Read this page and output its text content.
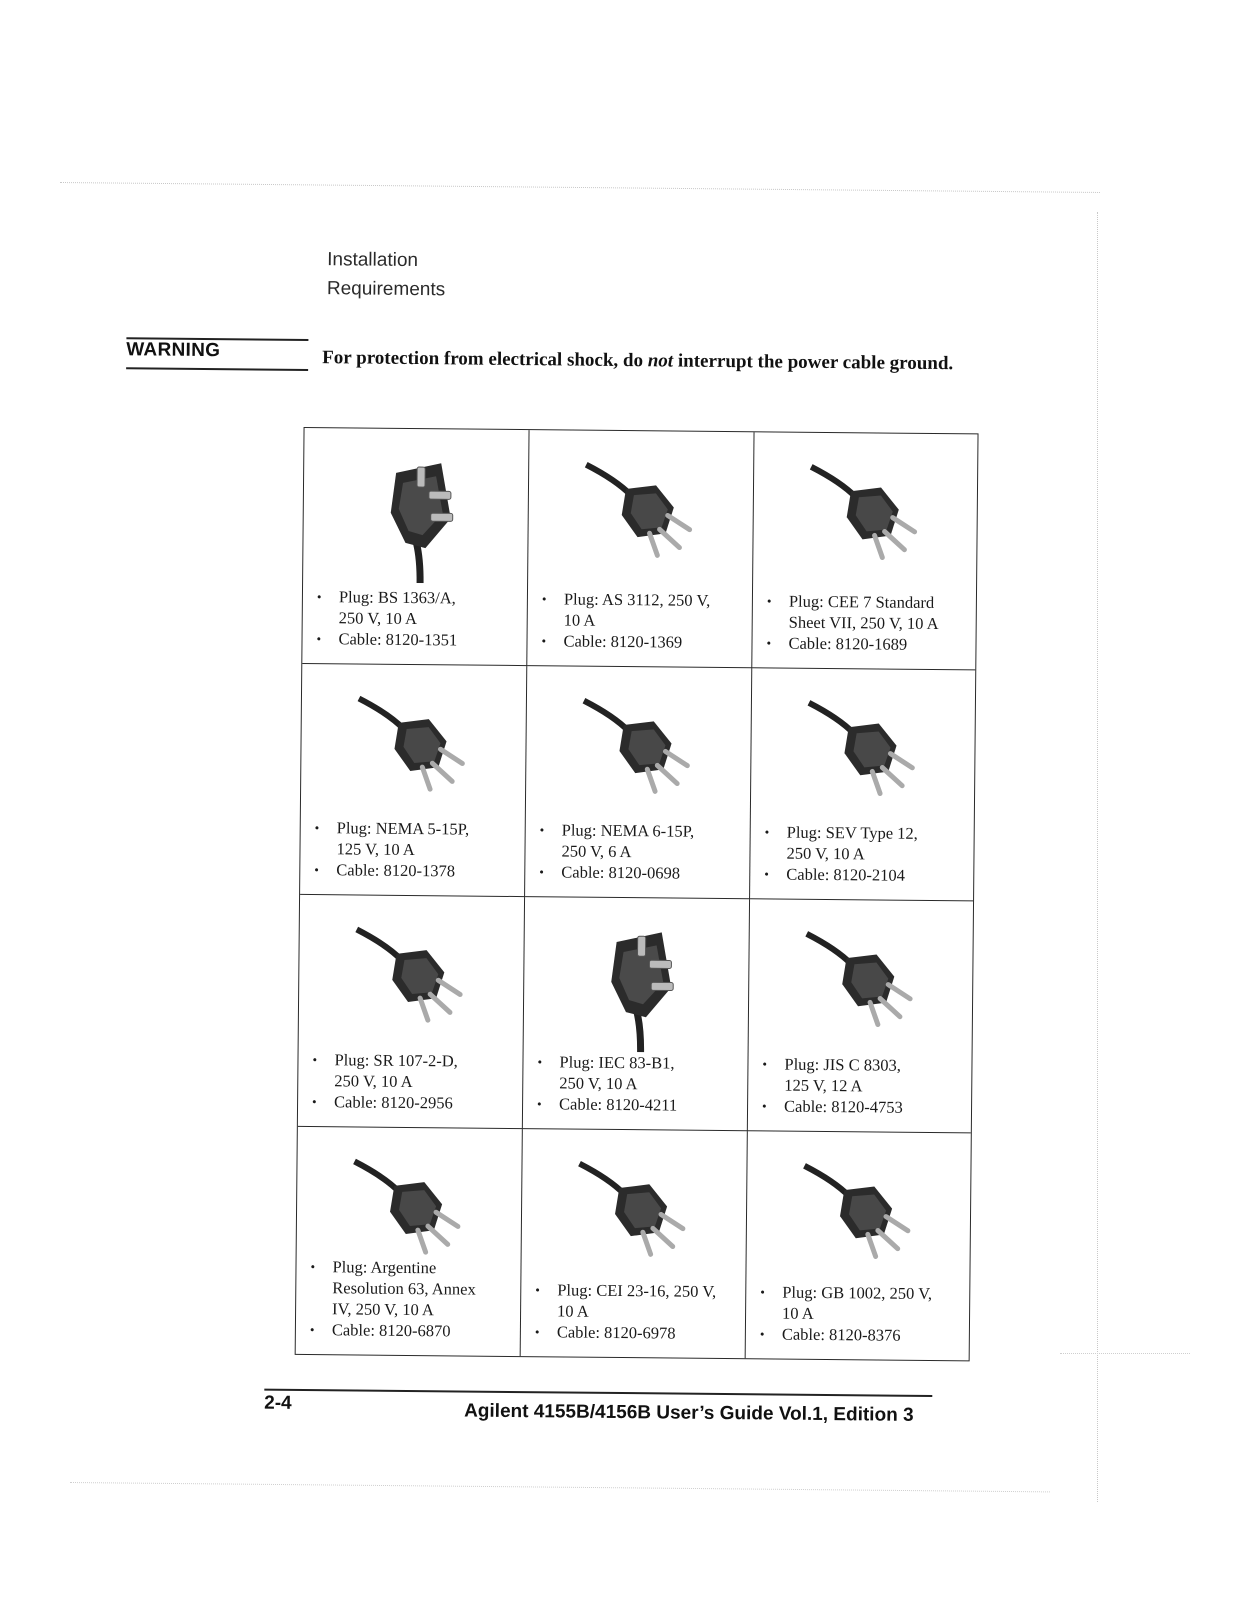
Installation
Requirements
WARNING	For protection from electrical shock, do not interrupt the power cable ground.
• Plug: BS 1363/A,
250 V, 10 A
• Cable: 8120-1351
• Plug: AS 3112, 250 V,
10 A
• Cable: 8120-1369
• Plug: CEE 7 Standard
Sheet VII, 250 V, 10 A
• Cable: 8120-1689
• Plug: NEMA 5-15P,
125 V, 10 A
• Cable: 8120-1378
• Plug: NEMA 6-15P,
250 V, 6 A
• Cable: 8120-0698
• Plug: SEV Type 12,
250 V, 10 A
• Cable: 8120-2104
• Plug: SR 107-2-D,
250 V, 10 A
• Cable: 8120-2956
• Plug: IEC 83-B1,
250 V, 10 A
• Cable: 8120-4211
• Plug: JIS C 8303,
125 V, 12 A
• Cable: 8120-4753
• Plug: Argentine
Resolution 63, Annex
IV, 250 V, 10 A
• Cable: 8120-6870
• Plug: CEI 23-16, 250 V,
10 A
• Cable: 8120-6978
• Plug: GB 1002, 250 V,
10 A
• Cable: 8120-8376
2-4	Agilent 4155B/4156B User’s Guide Vol.1, Edition 3
